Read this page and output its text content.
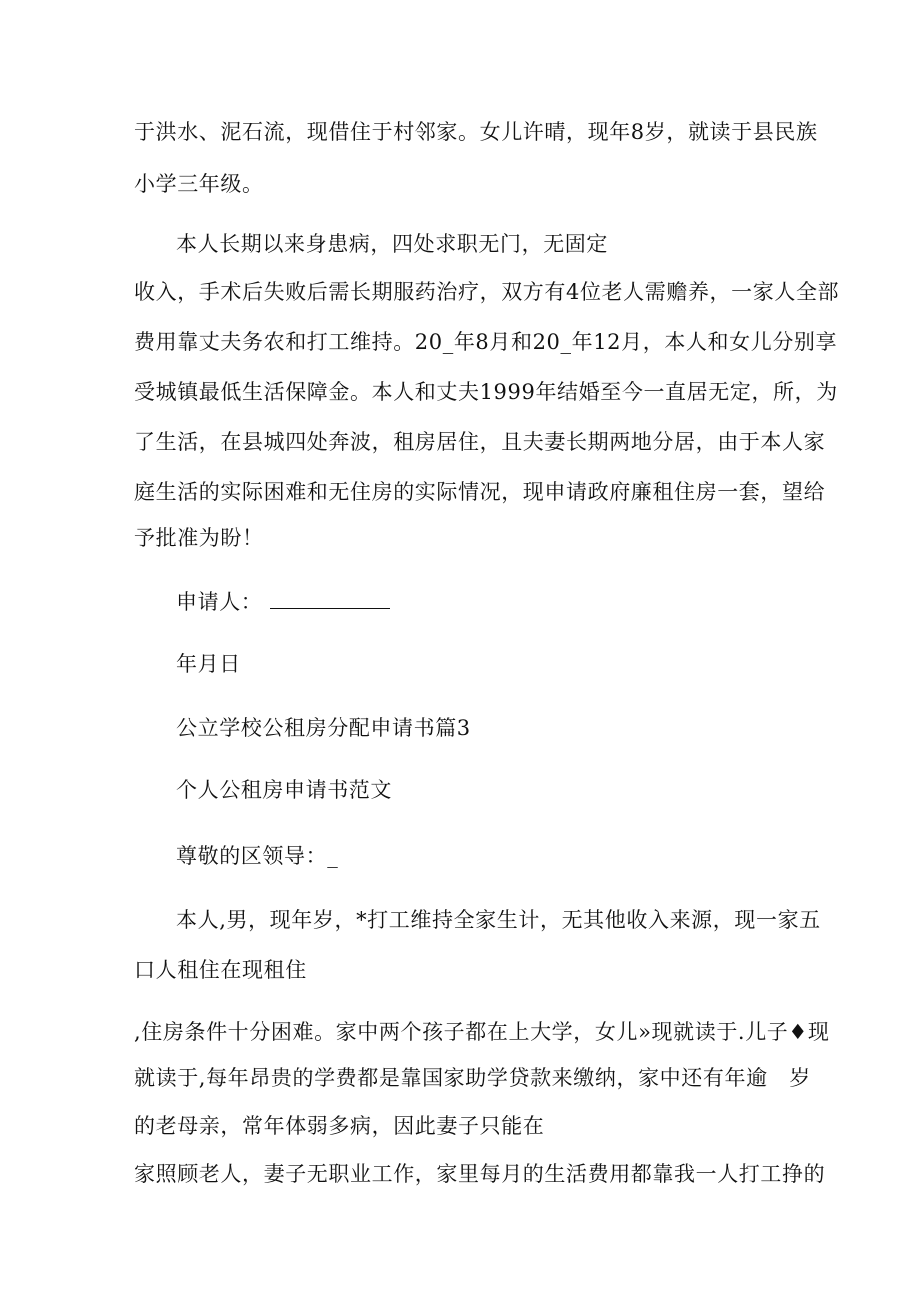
于洪水、泥石流，现借住于村邻家。女儿许晴，现年8岁，就读于县民族
小学三年级。
本人长期以来身患病，四处求职无门，无固定
收入，手术后失败后需长期服药治疗，双方有4位老人需赡养，一家人全部
费用靠丈夫务农和打工维持。20_年8月和20_年12月，本人和女儿分别享
受城镇最低生活保障金。本人和丈夫1999年结婚至今一直居无定，所，为
了生活，在县城四处奔波，租房居住，且夫妻长期两地分居，由于本人家
庭生活的实际困难和无住房的实际情况，现申请政府廉租住房一套，望给
予批准为盼！
申请人：
年月日
公立学校公租房分配申请书篇3
个人公租房申请书范文
尊敬的区领导：_
本人,男，现年岁，*打工维持全家生计，无其他收入来源，现一家五
口人租住在现租住
,住房条件十分困难。家中两个孩子都在上大学，女儿»现就读于.儿子♦现
就读于,每年昂贵的学费都是靠国家助学贷款来缴纳，家中还有年逾　岁
的老母亲，常年体弱多病，因此妻子只能在
家照顾老人，妻子无职业工作，家里每月的生活费用都靠我一人打工挣的
